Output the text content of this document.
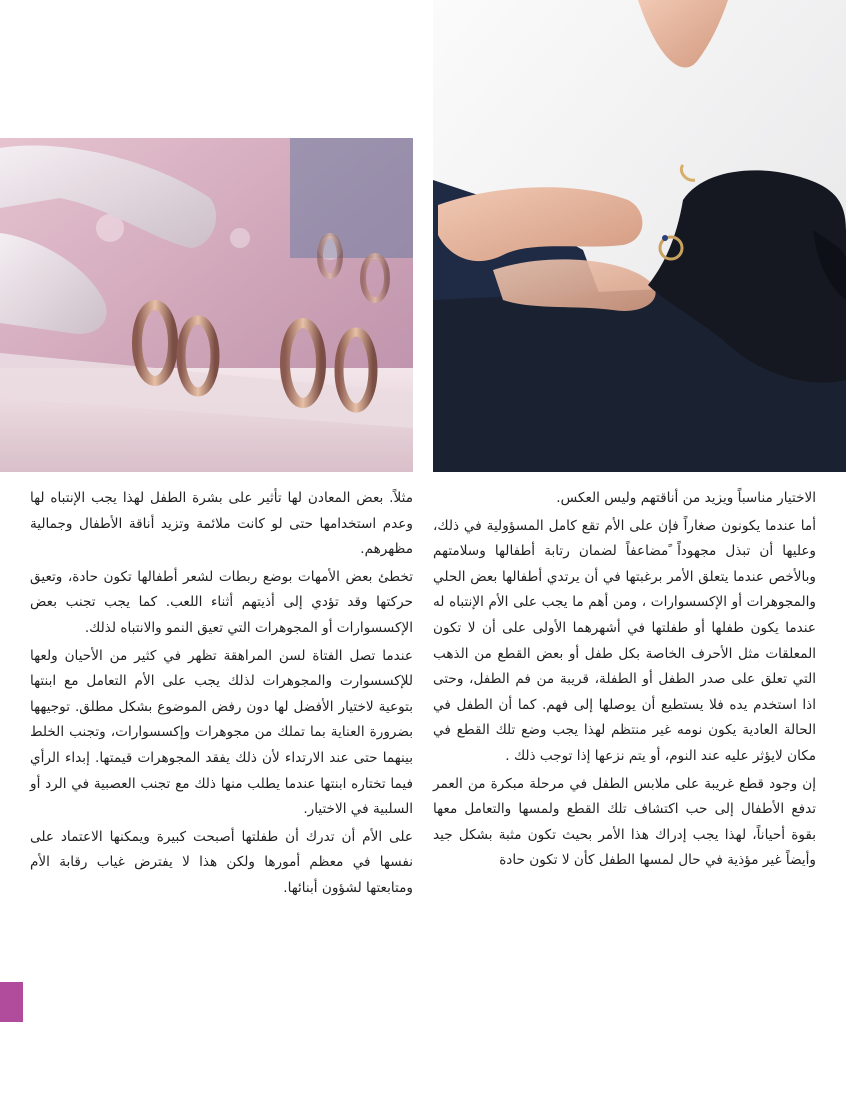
الاختيار مناسباً ويزيد من أناقتهم وليس العكس.

أما عندما يكونون صغاراً فإن على الأم تقع كامل المسؤولية في ذلك، وعليها أن تبذل مجهوداً ًمضاعفاً لضمان رتابة أطفالها وسلامتهم وبالأخص عندما يتعلق الأمر برغبتها في أن يرتدي أطفالها بعض الحلي والمجوهرات أو الإكسسوارات ، ومن أهم ما يجب على الأم الإنتباه له عندما يكون طفلها أو طفلتها في أشهرهما الأولى على أن لا تكون المعلقات مثل الأحرف الخاصة بكل طفل أو بعض القطع من الذهب التي تعلق على صدر الطفل أو الطفلة، قريبة من فم الطفل، وحتى اذا استخدم يده فلا يستطيع أن يوصلها إلى فهم. كما أن الطفل في الحالة العادية يكون نومه غير منتظم لهذا يجب وضع تلك القطع في مكان لايؤثر عليه عند النوم، أو يتم نزعها إذا توجب ذلك .

إن وجود قطع غريبة على ملابس الطفل في مرحلة مبكرة من العمر تدفع الأطفال إلى حب اكتشاف تلك القطع ولمسها والتعامل معها بقوة أحياناً، لهذا يجب إدراك هذا الأمر بحيث تكون مثبة بشكل جيد وأيضاً غير مؤذية في حال لمسها الطفل كأن لا تكون حادة

مثلاً. بعض المعادن لها تأثير على بشرة الطفل لهذا يجب الإنتباه لها وعدم استخدامها حتى لو كانت ملائمة وتزيد أناقة الأطفال وجمالية مظهرهم.

تخطئ بعض الأمهات بوضع ربطات لشعر أطفالها تكون حادة، وتعيق حركتها وقد تؤدي إلى أذيتهم أثناء اللعب. كما يجب تجنب بعض الإكسسوارات أو المجوهرات التي تعيق النمو والانتباه لذلك.

عندما تصل الفتاة لسن المراهقة تظهر في كثير من الأحيان ولعها للإكسسوارت والمجوهرات لذلك يجب على الأم التعامل مع ابنتها بتوعية لاختيار الأفضل لها دون رفض الموضوع بشكل مطلق. توجيهها بضرورة العناية بما تملك من مجوهرات وإكسسوارات، وتجنب الخلط بينهما حتى عند الارتداء لأن ذلك يفقد المجوهرات قيمتها. إبداء الرأي فيما تختاره ابنتها عندما يطلب منها ذلك مع تجنب العصبية في الرد أو السلبية في الاختيار.

على الأم أن تدرك أن طفلتها أصبحت كبيرة ويمكنها الاعتماد على نفسها في معظم أمورها ولكن هذا لا يفترض غياب رقابة الأم ومتابعتها لشؤون أبنائها.
